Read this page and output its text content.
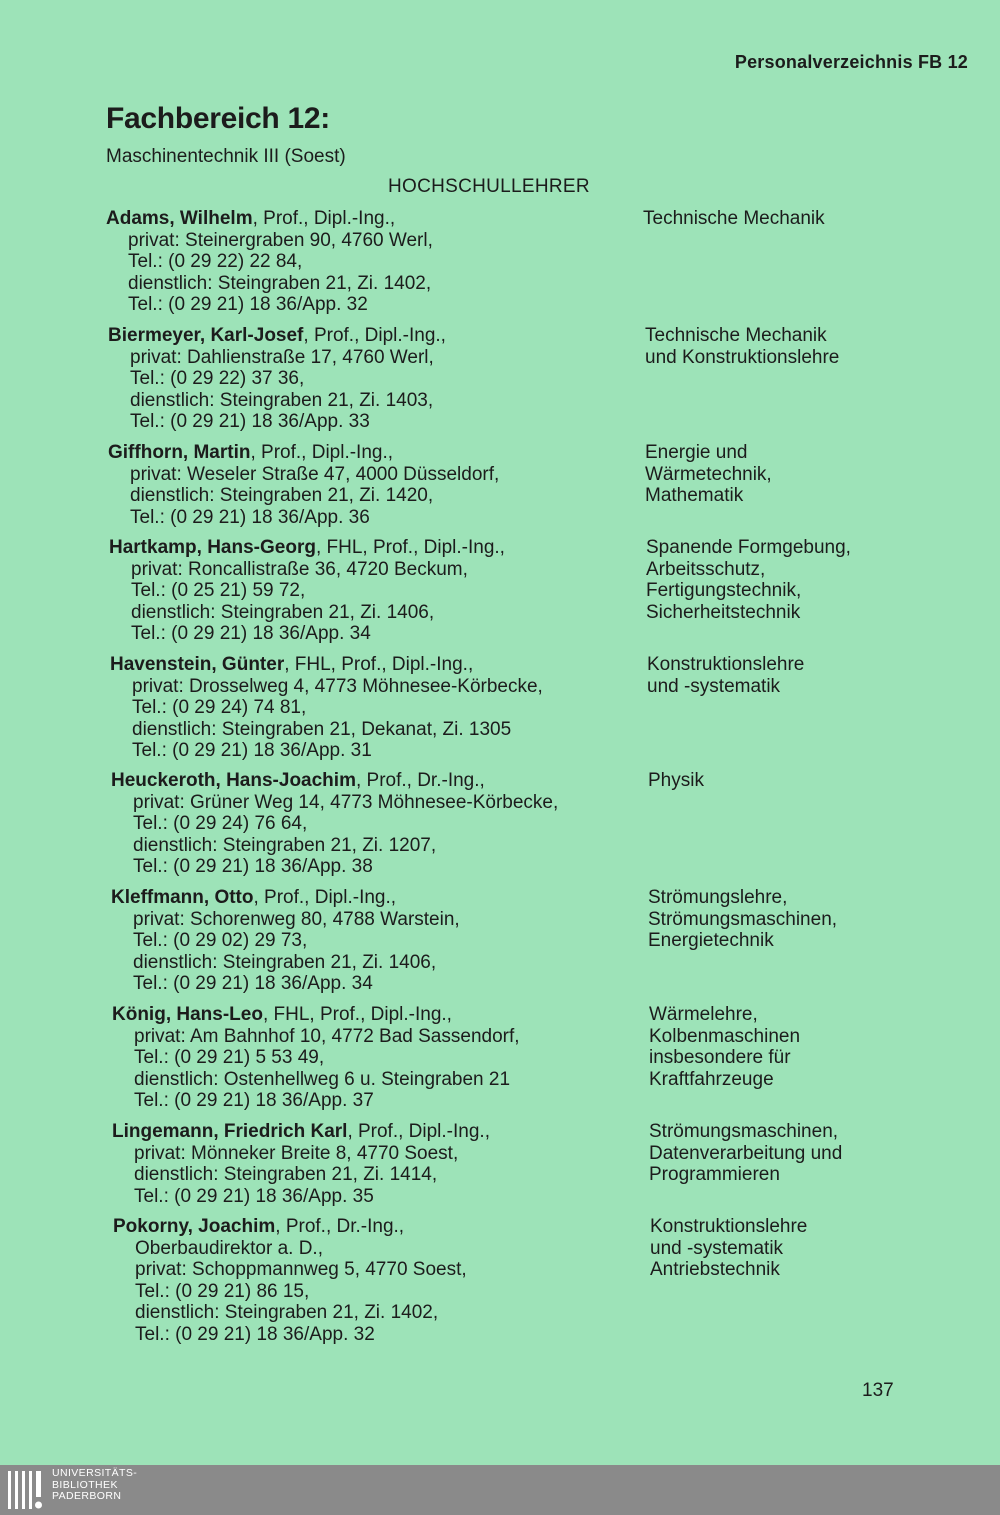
Personalverzeichnis FB 12
Fachbereich 12:
Maschinentechnik III (Soest)
HOCHSCHULLEHRER
Adams, Wilhelm, Prof., Dipl.-Ing.,
privat: Steinergraben 90, 4760 Werl,
Tel.: (0 29 22) 22 84,
dienstlich: Steingraben 21, Zi. 1402,
Tel.: (0 29 21) 18 36/App. 32
Technische Mechanik
Biermeyer, Karl-Josef, Prof., Dipl.-Ing.,
privat: Dahlienstraße 17, 4760 Werl,
Tel.: (0 29 22) 37 36,
dienstlich: Steingraben 21, Zi. 1403,
Tel.: (0 29 21) 18 36/App. 33
Technische Mechanik
und Konstruktionslehre
Giffhorn, Martin, Prof., Dipl.-Ing.,
privat: Weseler Straße 47, 4000 Düsseldorf,
dienstlich: Steingraben 21, Zi. 1420,
Tel.: (0 29 21) 18 36/App. 36
Energie und
Wärmetechnik,
Mathematik
Hartkamp, Hans-Georg, FHL, Prof., Dipl.-Ing.,
privat: Roncallistraße 36, 4720 Beckum,
Tel.: (0 25 21) 59 72,
dienstlich: Steingraben 21, Zi. 1406,
Tel.: (0 29 21) 18 36/App. 34
Spanende Formgebung,
Arbeitsschutz,
Fertigungstechnik,
Sicherheitstechnik
Havenstein, Günter, FHL, Prof., Dipl.-Ing.,
privat: Drosselweg 4, 4773 Möhnesee-Körbecke,
Tel.: (0 29 24) 74 81,
dienstlich: Steingraben 21, Dekanat, Zi. 1305
Tel.: (0 29 21) 18 36/App. 31
Konstruktionslehre
und -systematik
Heuckeroth, Hans-Joachim, Prof., Dr.-Ing.,
privat: Grüner Weg 14, 4773 Möhnesee-Körbecke,
Tel.: (0 29 24) 76 64,
dienstlich: Steingraben 21, Zi. 1207,
Tel.: (0 29 21) 18 36/App. 38
Physik
Kleffmann, Otto, Prof., Dipl.-Ing.,
privat: Schorenweg 80, 4788 Warstein,
Tel.: (0 29 02) 29 73,
dienstlich: Steingraben 21, Zi. 1406,
Tel.: (0 29 21) 18 36/App. 34
Strömungslehre,
Strömungsmaschinen,
Energietechnik
König, Hans-Leo, FHL, Prof., Dipl.-Ing.,
privat: Am Bahnhof 10, 4772 Bad Sassendorf,
Tel.: (0 29 21) 5 53 49,
dienstlich: Ostenhellweg 6 u. Steingraben 21
Tel.: (0 29 21) 18 36/App. 37
Wärmelehre,
Kolbenmaschinen
insbesondere für
Kraftfahrzeuge
Lingemann, Friedrich Karl, Prof., Dipl.-Ing.,
privat: Mönneker Breite 8, 4770 Soest,
dienstlich: Steingraben 21, Zi. 1414,
Tel.: (0 29 21) 18 36/App. 35
Strömungsmaschinen,
Datenverarbeitung und
Programmieren
Pokorny, Joachim, Prof., Dr.-Ing.,
Oberbaudirektor a. D.,
privat: Schoppmannweg 5, 4770 Soest,
Tel.: (0 29 21) 86 15,
dienstlich: Steingraben 21, Zi. 1402,
Tel.: (0 29 21) 18 36/App. 32
Konstruktionslehre
und -systematik
Antriebstechnik
137
UNIVERSITÄTS-
BIBLIOTHEK
PADERBORN
